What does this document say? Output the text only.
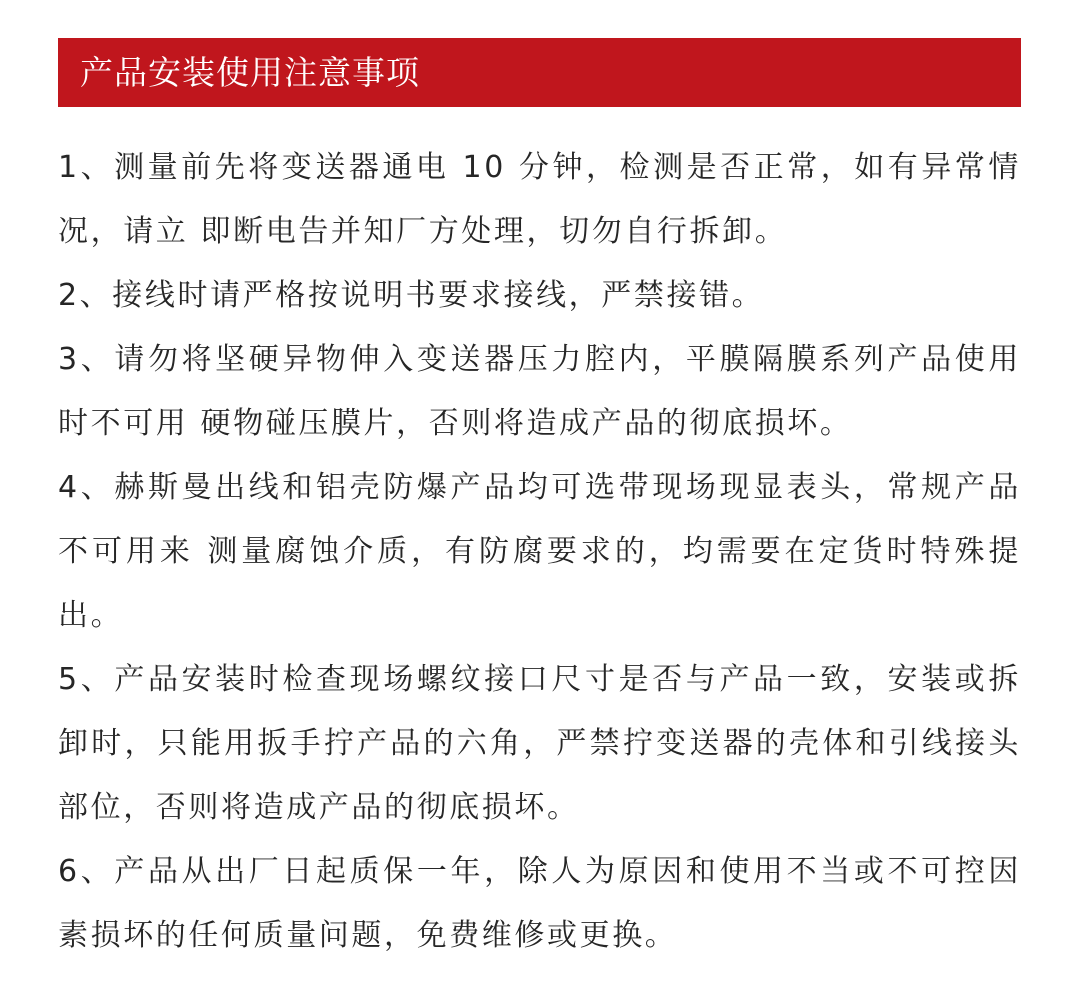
产品安装使用注意事项

1、测量前先将变送器通电 10 分钟，检测是否正常，如有异常情况，请立 即断电告并知厂方处理，切勿自行拆卸。

2、接线时请严格按说明书要求接线，严禁接错。

3、请勿将坚硬异物伸入变送器压力腔内，平膜隔膜系列产品使用时不可用 硬物碰压膜片，否则将造成产品的彻底损坏。

4、赫斯曼出线和铝壳防爆产品均可选带现场现显表头，常规产品不可用来 测量腐蚀介质，有防腐要求的，均需要在定货时特殊提出。

5、产品安装时检查现场螺纹接口尺寸是否与产品一致，安装或拆卸时，只能用扳手拧产品的六角，严禁拧变送器的壳体和引线接头部位，否则将造成产品的彻底损坏。

6、产品从出厂日起质保一年，除人为原因和使用不当或不可控因素损坏的任何质量问题，免费维修或更换。
